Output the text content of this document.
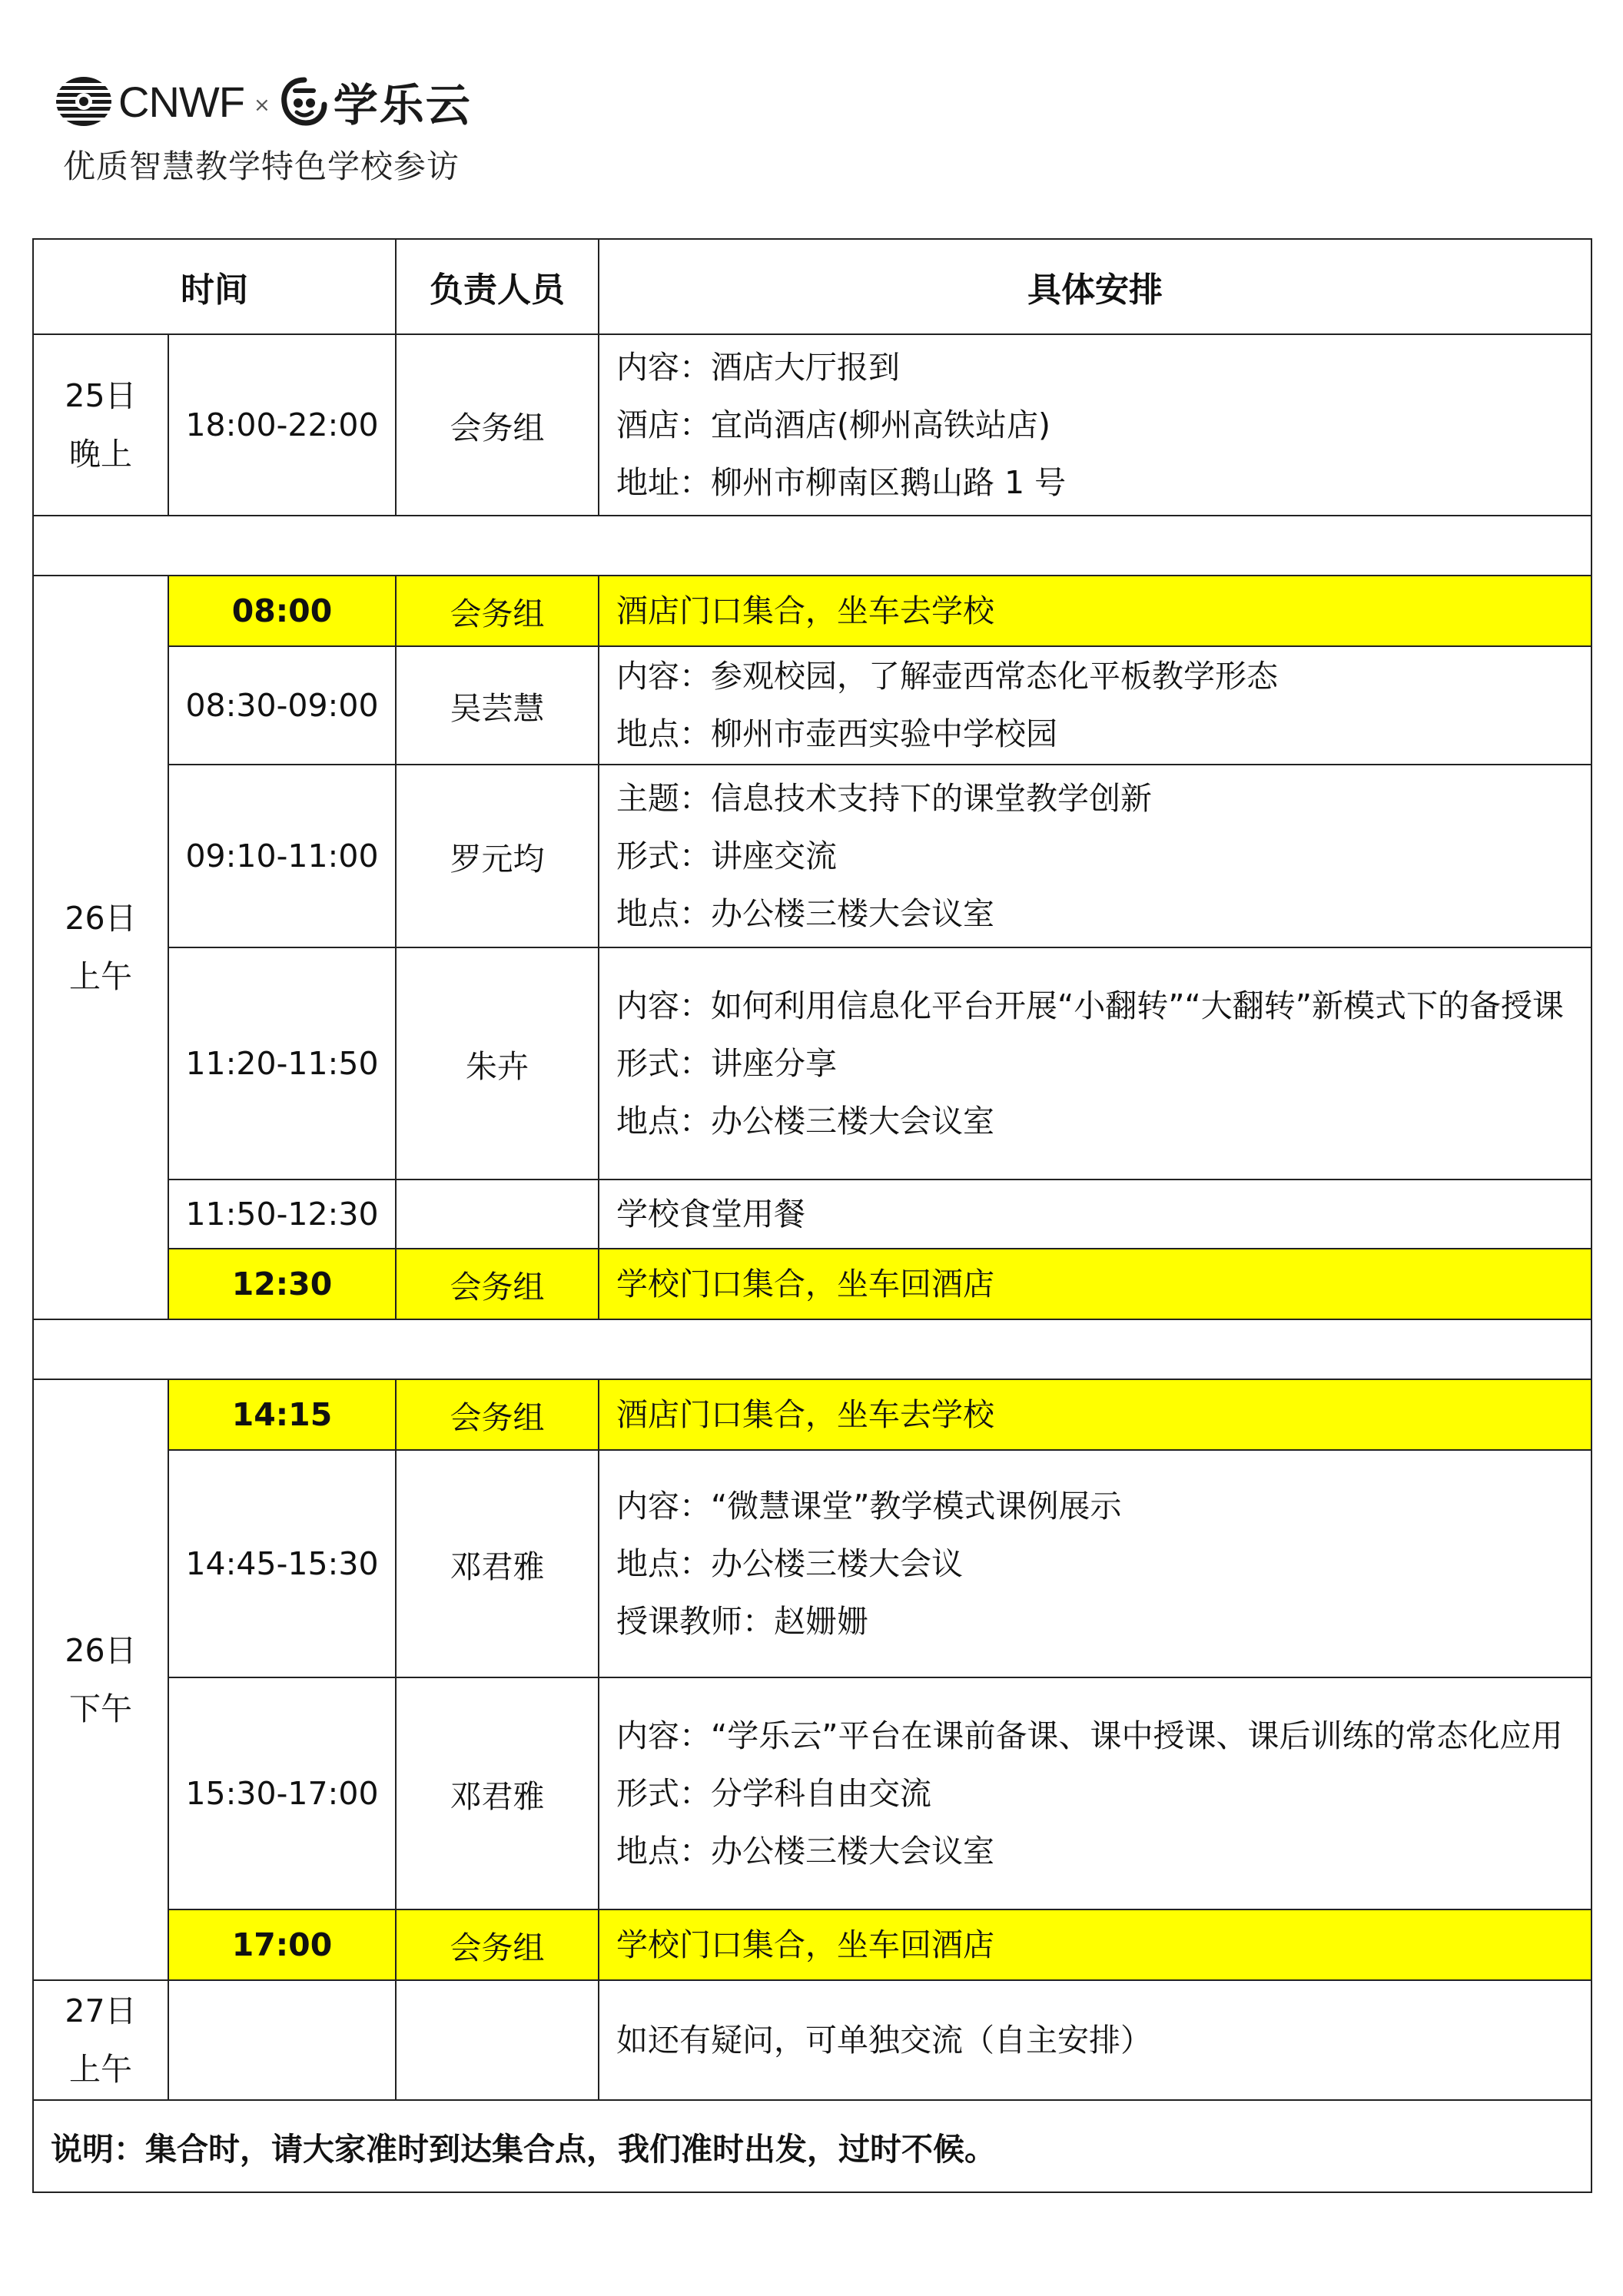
CNWF × 学乐云
优质智慧教学特色学校参访
时间		负责人员	具体安排

25日
晚上	18:00-22:00	会务组	内容：酒店大厅报到
酒店：宜尚酒店(柳州高铁站店)
地址：柳州市柳南区鹅山路 1 号

26日
上午	08:00	会务组	酒店门口集合，坐车去学校

	08:30-09:00	吴芸慧	内容：参观校园，了解壶西常态化平板教学形态
地点：柳州市壶西实验中学校园

	09:10-11:00	罗元均	主题：信息技术支持下的课堂教学创新
形式：讲座交流
地点：办公楼三楼大会议室

	11:20-11:50	朱卉	内容：如何利用信息化平台开展“小翻转”“大翻转”新模式下的备授课
形式：讲座分享
地点：办公楼三楼大会议室

	11:50-12:30		学校食堂用餐

	12:30	会务组	学校门口集合，坐车回酒店

26日
下午	14:15	会务组	酒店门口集合，坐车去学校

	14:45-15:30	邓君雅	内容：“微慧课堂”教学模式课例展示
地点：办公楼三楼大会议
授课教师：赵姗姗

	15:30-17:00	邓君雅	内容：“学乐云”平台在课前备课、课中授课、课后训练的常态化应用
形式：分学科自由交流
地点：办公楼三楼大会议室

	17:00	会务组	学校门口集合，坐车回酒店

27日
上午			如还有疑问，可单独交流（自主安排）
说明：集合时，请大家准时到达集合点，我们准时出发，过时不候。			
